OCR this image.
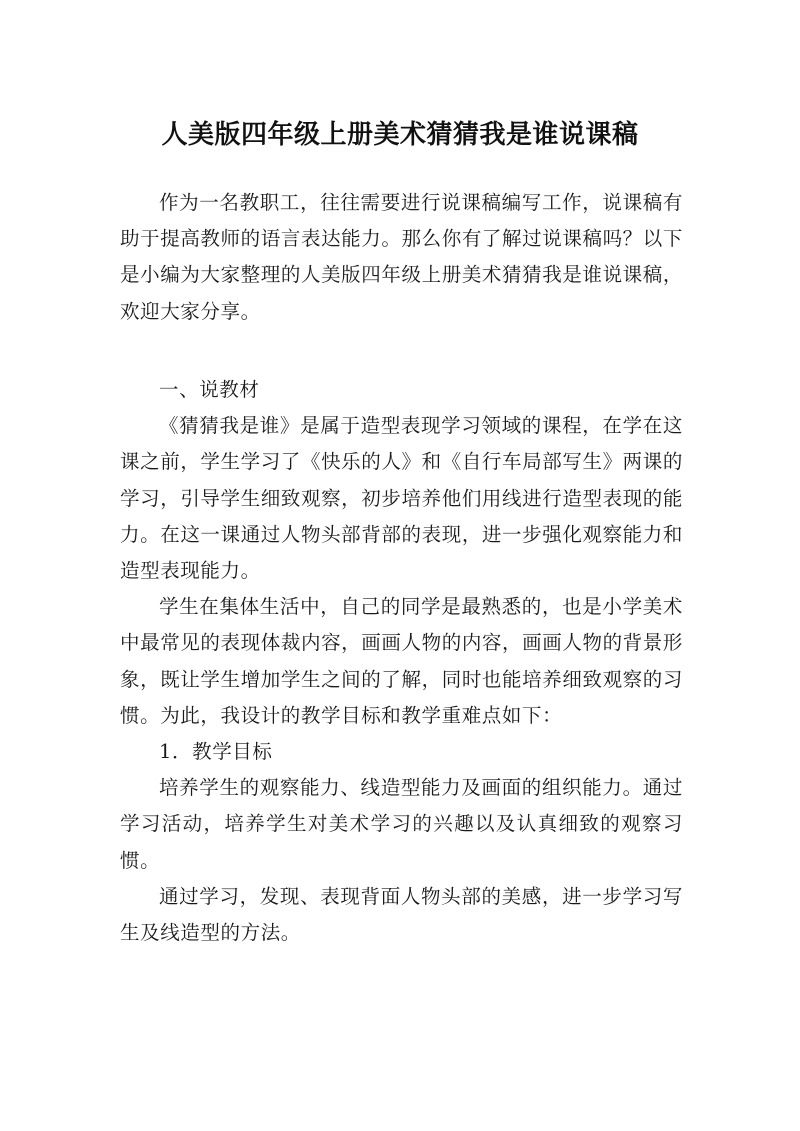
人美版四年级上册美术猜猜我是谁说课稿

作为一名教职工，往往需要进行说课稿编写工作，说课稿有助于提高教师的语言表达能力。那么你有了解过说课稿吗？以下是小编为大家整理的人美版四年级上册美术猜猜我是谁说课稿，欢迎大家分享。

一、说教材

《猜猜我是谁》是属于造型表现学习领域的课程，在学在这课之前，学生学习了《快乐的人》和《自行车局部写生》两课的学习，引导学生细致观察，初步培养他们用线进行造型表现的能力。在这一课通过人物头部背部的表现，进一步强化观察能力和造型表现能力。

学生在集体生活中，自己的同学是最熟悉的，也是小学美术中最常见的表现体裁内容，画画人物的内容，画画人物的背景形象，既让学生增加学生之间的了解，同时也能培养细致观察的习惯。为此，我设计的教学目标和教学重难点如下：

1．教学目标

培养学生的观察能力、线造型能力及画面的组织能力。通过学习活动，培养学生对美术学习的兴趣以及认真细致的观察习惯。

通过学习，发现、表现背面人物头部的美感，进一步学习写生及线造型的方法。
